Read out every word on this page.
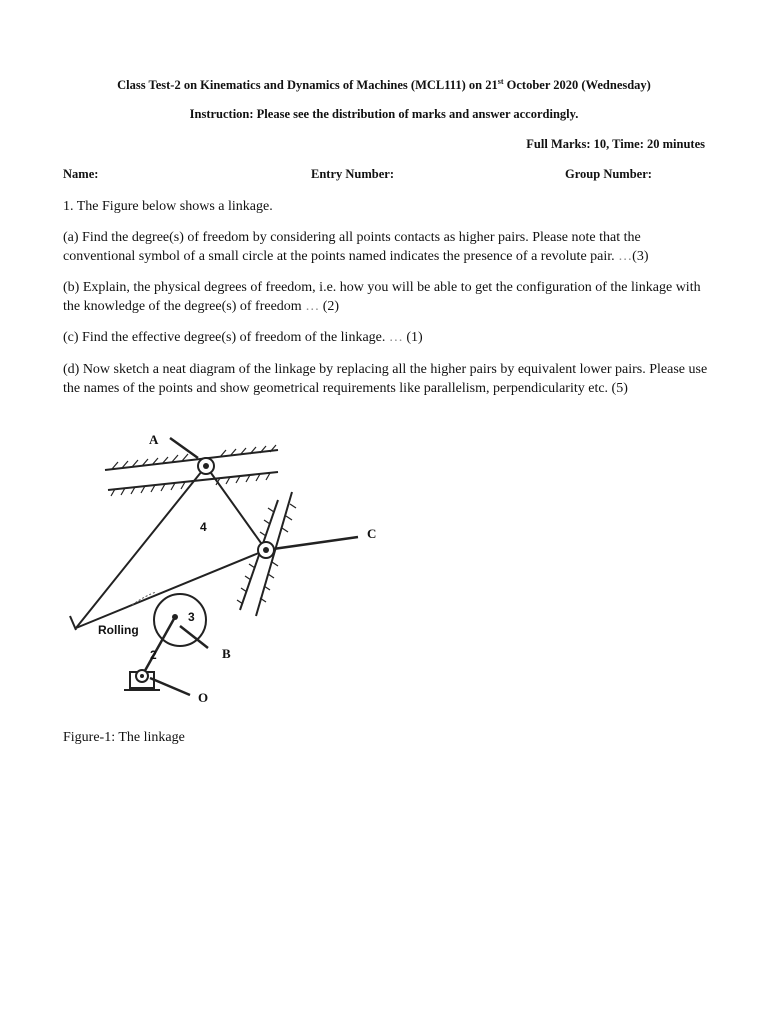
Class Test-2 on Kinematics and Dynamics of Machines (MCL111) on 21st October 2020 (Wednesday)
Instruction: Please see the distribution of marks and answer accordingly.
Full Marks: 10, Time: 20 minutes
Name:	Entry Number:	Group Number:
1. The Figure below shows a linkage.
(a) Find the degree(s) of freedom by considering all points contacts as higher pairs. Please note that the conventional symbol of a small circle at the points named indicates the presence of a revolute pair. …(3)
(b) Explain, the physical degrees of freedom, i.e. how you will be able to get the configuration of the linkage with the knowledge of the degree(s) of freedom … (2)
(c) Find the effective degree(s) of freedom of the linkage. … (1)
(d) Now sketch a neat diagram of the linkage by replacing all the higher pairs by equivalent lower pairs. Please use the names of the points and show geometrical requirements like parallelism, perpendicularity etc. (5)
A
C
B
O
4
3
2
Rolling
Figure-1: The linkage
